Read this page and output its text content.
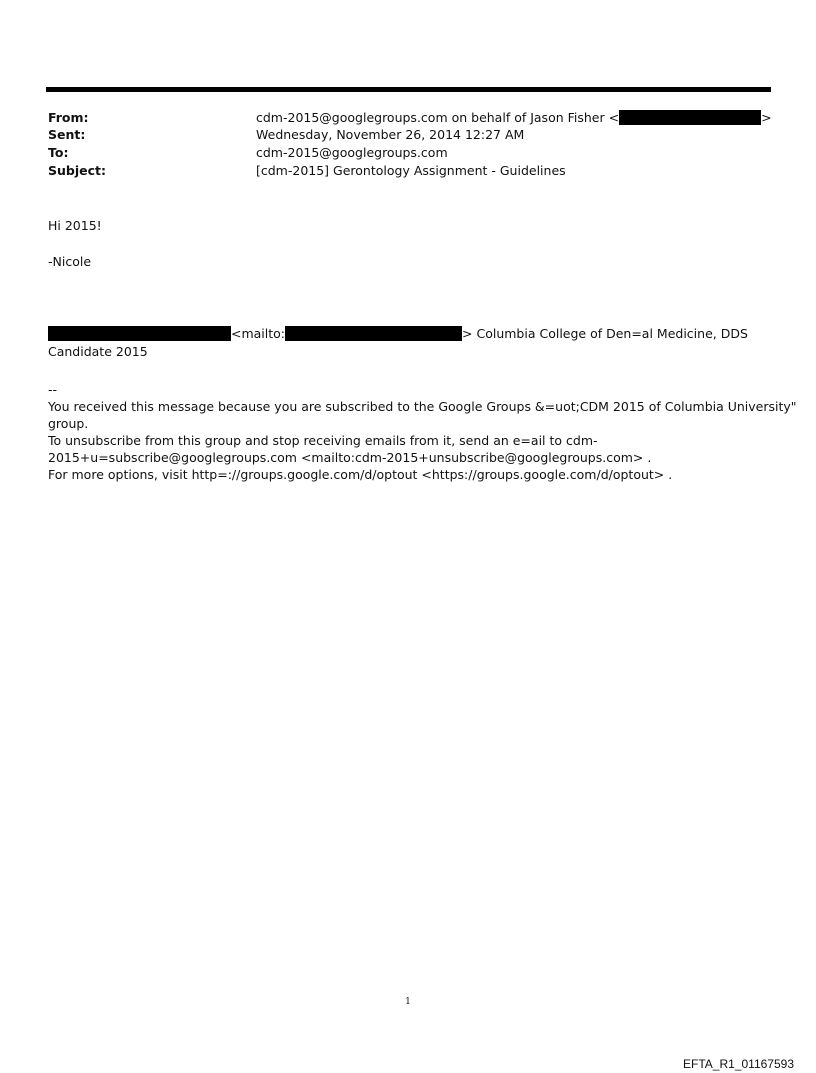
From:	cdm-2015@googlegroups.com on behalf of Jason Fisher <	>
Sent:	Wednesday, November 26, 2014 12:27 AM
To:	cdm-2015@googlegroups.com
Subject:	[cdm-2015] Gerontology Assignment - Guidelines
Hi 2015!
-Nicole
<mailto:	> Columbia College of Den=al Medicine, DDS
Candidate 2015
--
You received this message because you are subscribed to the Google Groups &=uot;CDM 2015 of Columbia University"
group.
To unsubscribe from this group and stop receiving emails from it, send an e=ail to cdm-
2015+u=subscribe@googlegroups.com <mailto:cdm-2015+unsubscribe@googlegroups.com> .
For more options, visit http=://groups.google.com/d/optout <https://groups.google.com/d/optout> .
1
EFTA_R1_01167593
